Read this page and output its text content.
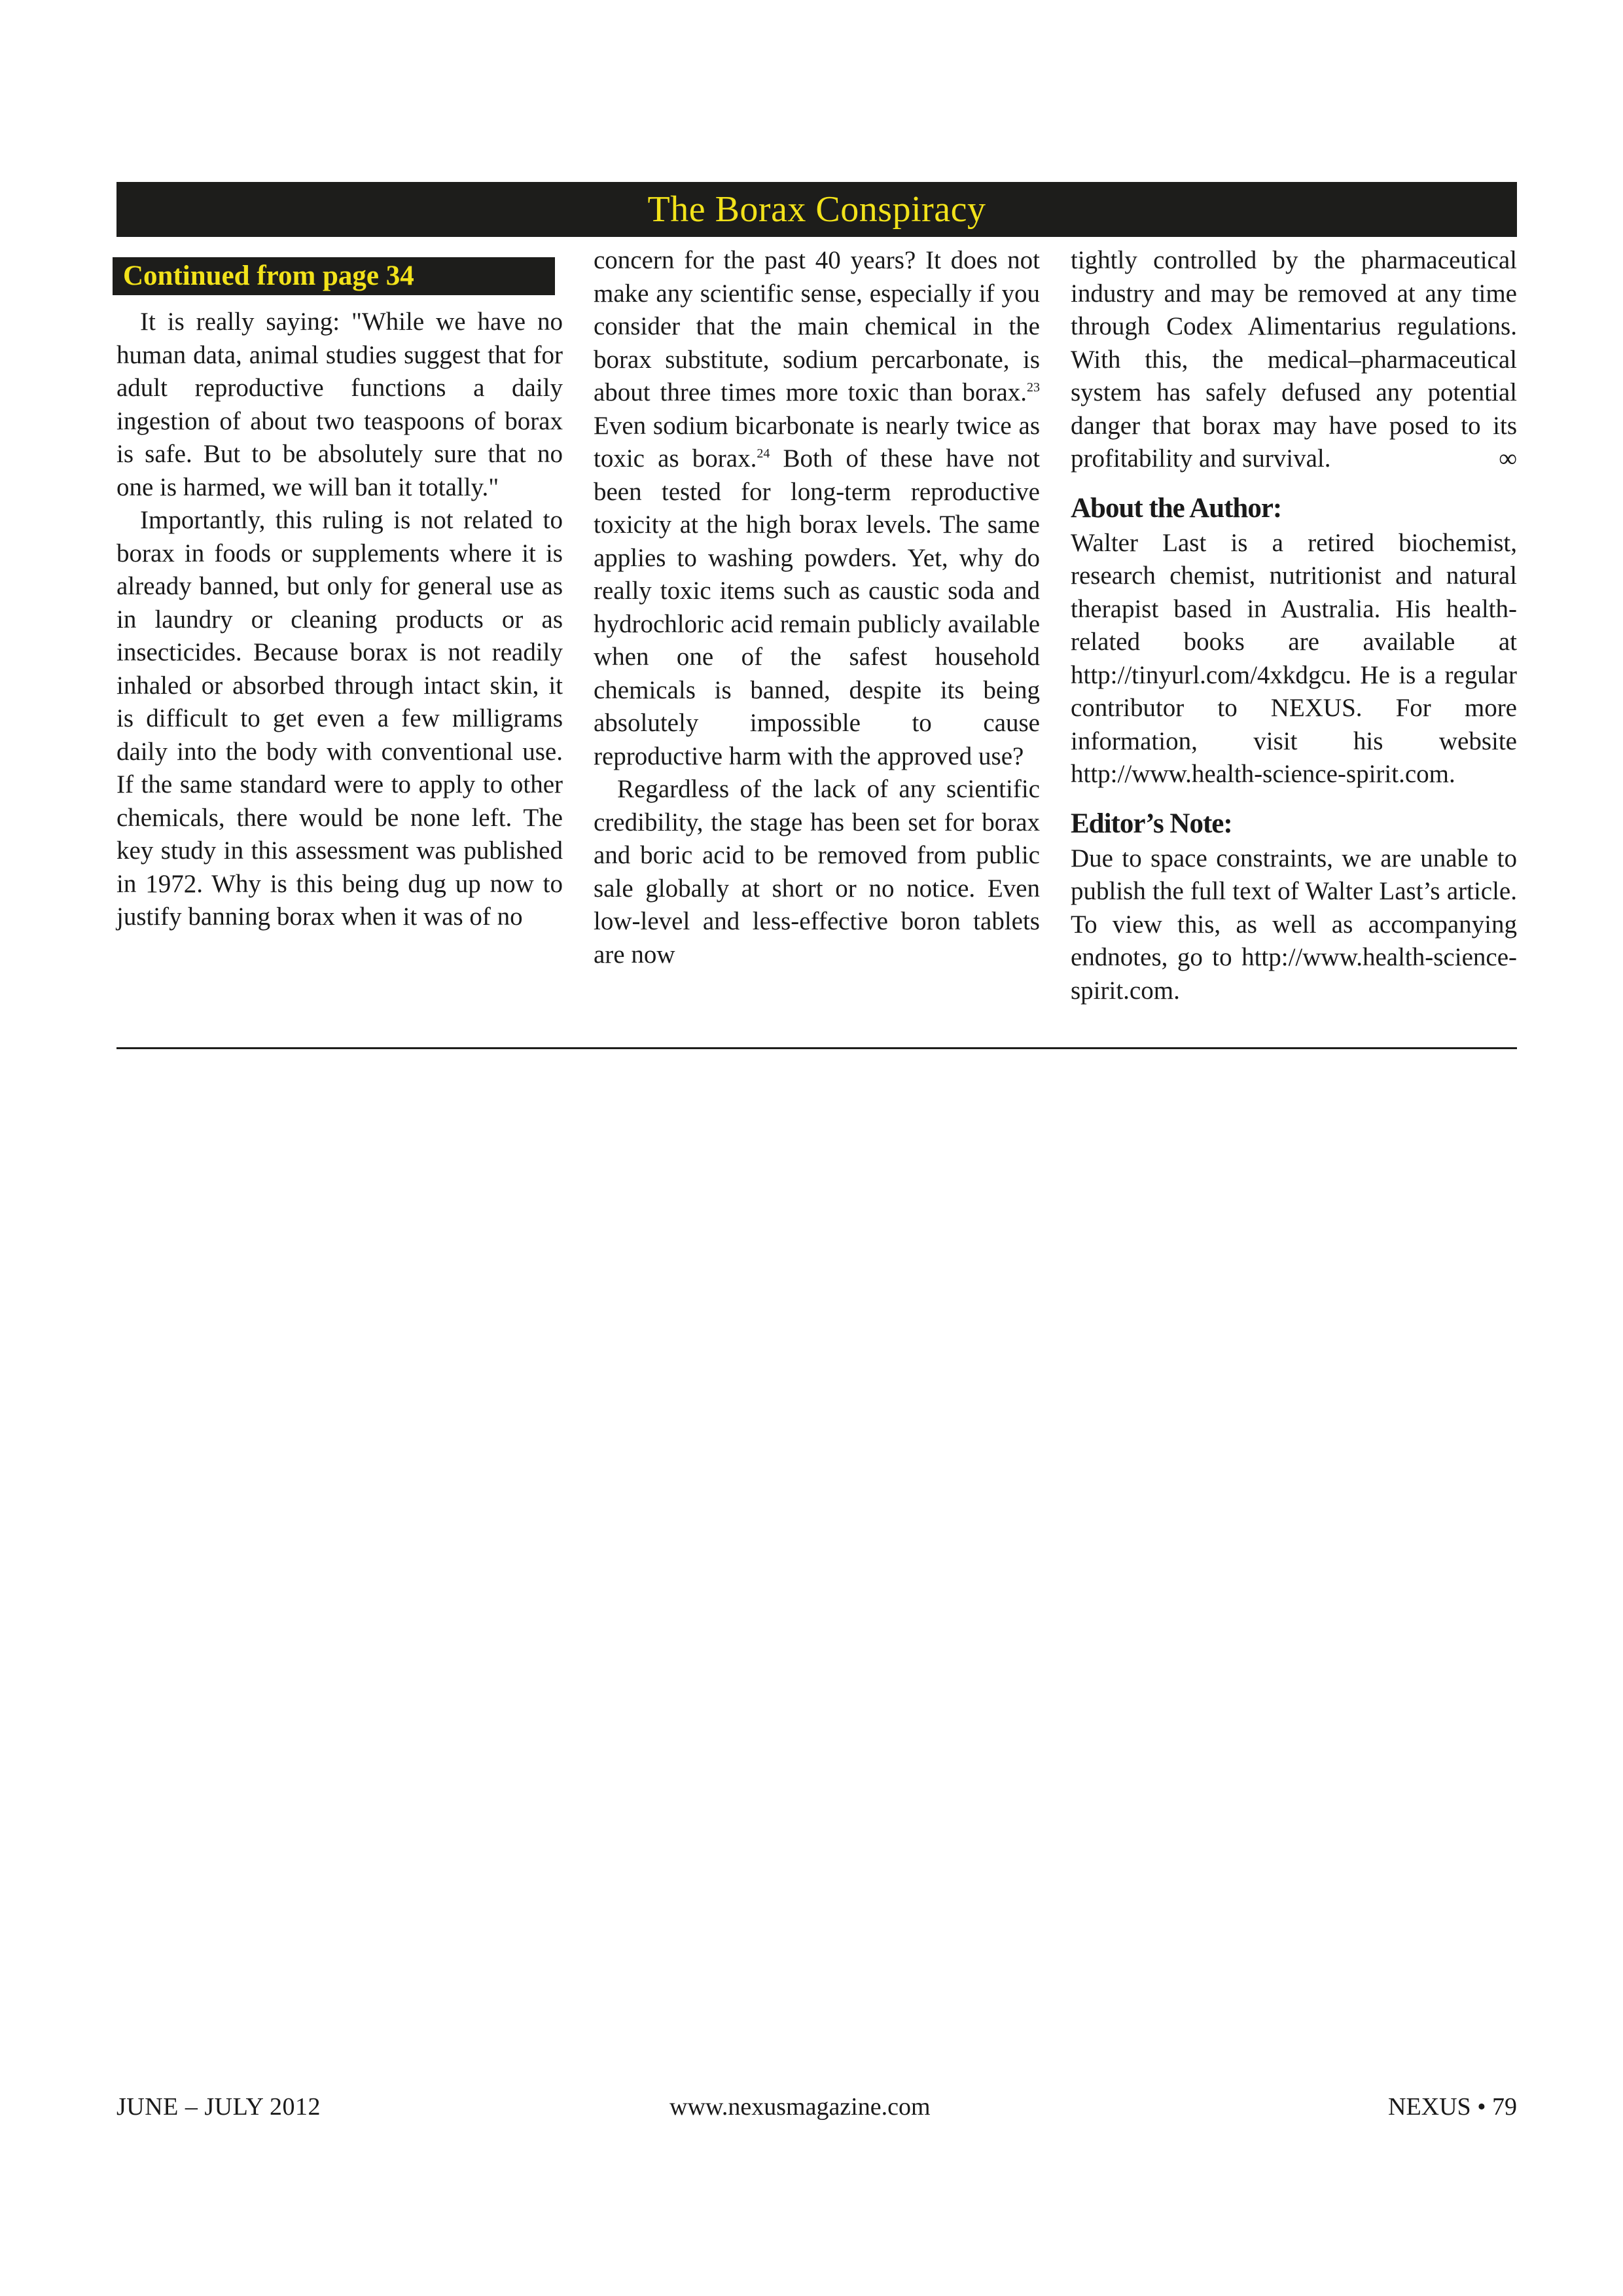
The Borax Conspiracy
Continued from page 34

It is really saying: "While we have no human data, animal studies suggest that for adult reproductive functions a daily ingestion of about two teaspoons of borax is safe. But to be absolutely sure that no one is harmed, we will ban it totally."

Importantly, this ruling is not related to borax in foods or supplements where it is already banned, but only for general use as in laundry or cleaning products or as insecticides. Because borax is not readily inhaled or absorbed through intact skin, it is difficult to get even a few milligrams daily into the body with conventional use. If the same standard were to apply to other chemicals, there would be none left. The key study in this assessment was published in 1972. Why is this being dug up now to justify banning borax when it was of no

concern for the past 40 years? It does not make any scientific sense, especially if you consider that the main chemical in the borax substitute, sodium percarbonate, is about three times more toxic than borax.$^{23}$ Even sodium bicarbonate is nearly twice as toxic as borax.$^{24}$ Both of these have not been tested for long-term reproductive toxicity at the high borax levels. The same applies to washing powders. Yet, why do really toxic items such as caustic soda and hydrochloric acid remain publicly available when one of the safest household chemicals is banned, despite its being absolutely impossible to cause reproductive harm with the approved use?

Regardless of the lack of any scientific credibility, the stage has been set for borax and boric acid to be removed from public sale globally at short or no notice. Even low-level and less-effective boron tablets are now

tightly controlled by the pharmaceutical industry and may be removed at any time through Codex Alimentarius regulations. With this, the medical–pharmaceutical system has safely defused any potential danger that borax may have posed to its profitability and survival.	∞

About the Author:

Walter Last is a retired biochemist, research chemist, nutritionist and natural therapist based in Australia. His health-related books are available at http://tinyurl.com/4xkdgcu. He is a regular contributor to NEXUS. For more information, visit his website http://www.health-science-spirit.com.

Editor’s Note:

Due to space constraints, we are unable to publish the full text of Walter Last’s article. To view this, as well as accompanying endnotes, go to http://www.health-science-spirit.com.

JUNE – JULY 2012	www.nexusmagazine.com	NEXUS • 79
